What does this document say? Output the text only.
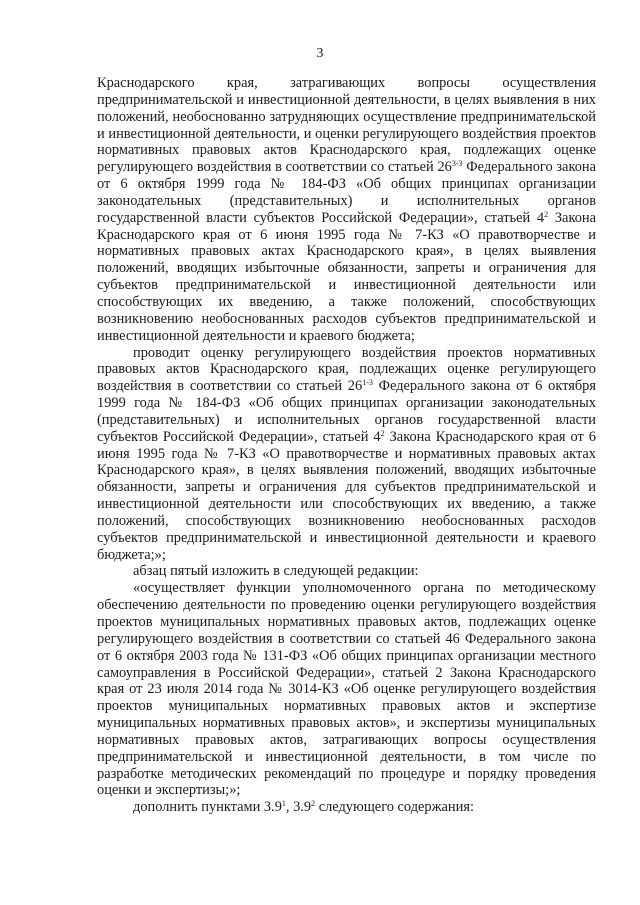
3

Краснодарского края, затрагивающих вопросы осуществления предпринимательской и инвестиционной деятельности, в целях выявления в них положений, необоснованно затрудняющих осуществление предпринимательской и инвестиционной деятельности, и оценки регулирующего воздействия проектов нормативных правовых актов Краснодарского края, подлежащих оценке регулирующего воздействия в соответствии со статьей 26$^{3-3}$ Федерального закона от 6 октября 1999 года № 184-ФЗ «Об общих принципах организации законодательных (представительных) и исполнительных органов государственной власти субъектов Российской Федерации», статьей $4^2$ Закона Краснодарского края от 6 июня 1995 года № 7-КЗ «О правотворчестве и нормативных правовых актах Краснодарского края», в целях выявления положений, вводящих избыточные обязанности, запреты и ограничения для субъектов предпринимательской и инвестиционной деятельности или способствующих их введению, а также положений, способствующих возникновению необоснованных расходов субъектов предпринимательской и инвестиционной деятельности и краевого бюджета;

проводит оценку регулирующего воздействия проектов нормативных правовых актов Краснодарского края, подлежащих оценке регулирующего воздействия в соответствии со статьей 26$^{1-3}$ Федерального закона от 6 октября 1999 года № 184-ФЗ «Об общих принципах организации законодательных (представительных) и исполнительных органов государственной власти субъектов Российской Федерации», статьей $4^2$ Закона Краснодарского края от 6 июня 1995 года № 7-КЗ «О правотворчестве и нормативных правовых актах Краснодарского края», в целях выявления положений, вводящих избыточные обязанности, запреты и ограничения для субъектов предпринимательской и инвестиционной деятельности или способствующих их введению, а также положений, способствующих возникновению необоснованных расходов субъектов предпринимательской и инвестиционной деятельности и краевого бюджета;»;

абзац пятый изложить в следующей редакции:

«осуществляет функции уполномоченного органа по методическому обеспечению деятельности по проведению оценки регулирующего воздействия проектов муниципальных нормативных правовых актов, подлежащих оценке регулирующего воздействия в соответствии со статьей 46 Федерального закона от 6 октября 2003 года № 131-ФЗ «Об общих принципах организации местного самоуправления в Российской Федерации», статьей 2 Закона Краснодарского края от 23 июля 2014 года № 3014-КЗ «Об оценке регулирующего воздействия проектов муниципальных нормативных правовых актов и экспертизе муниципальных нормативных правовых актов», и экспертизы муниципальных нормативных правовых актов, затрагивающих вопросы осуществления предпринимательской и инвестиционной деятельности, в том числе по разработке методических рекомендаций по процедуре и порядку проведения оценки и экспертизы;»;

дополнить пунктами $3.9^1$, $3.9^2$ следующего содержания:
